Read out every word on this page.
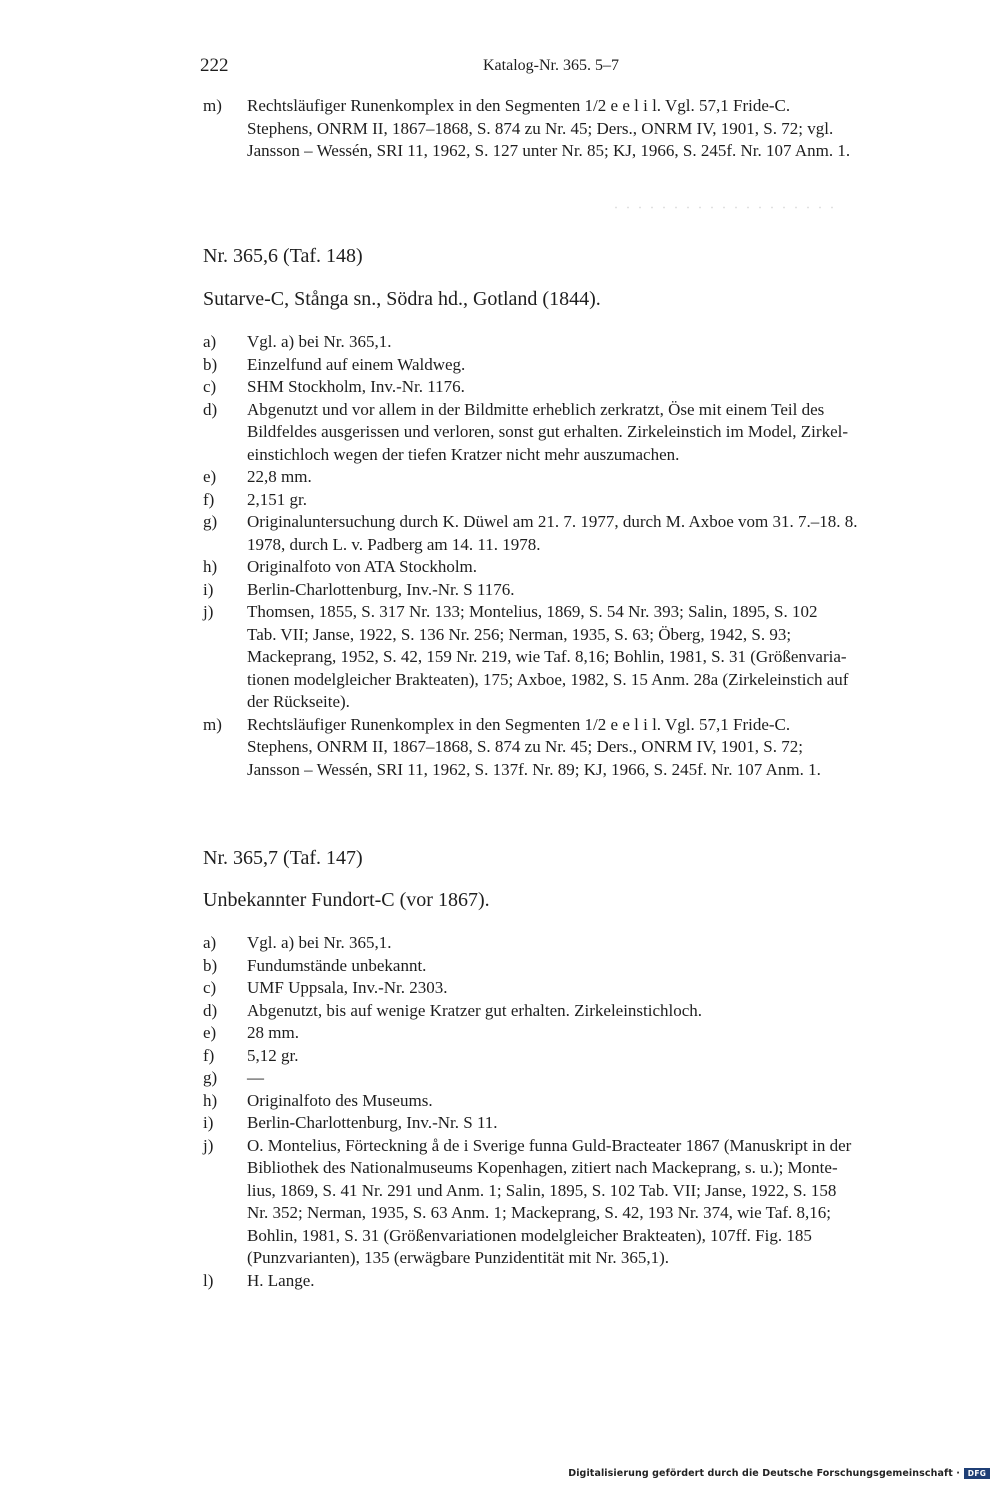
222	Katalog-Nr. 365. 5–7
m)	Rechtsläufiger Runenkomplex in den Segmenten 1/2 e e l i l. Vgl. 57,1 Fride-C.
Stephens, ONRM II, 1867–1868, S. 874 zu Nr. 45; Ders., ONRM IV, 1901, S. 72; vgl.
Jansson – Wessén, SRI 11, 1962, S. 127 unter Nr. 85; KJ, 1966, S. 245f. Nr. 107 Anm. 1.
Nr. 365,6 (Taf. 148)
Sutarve-C, Stånga sn., Södra hd., Gotland (1844).
a)	Vgl. a) bei Nr. 365,1.
b)	Einzelfund auf einem Waldweg.
c)	SHM Stockholm, Inv.-Nr. 1176.
d)	Abgenutzt und vor allem in der Bildmitte erheblich zerkratzt, Öse mit einem Teil des
Bildfeldes ausgerissen und verloren, sonst gut erhalten. Zirkeleinstich im Model, Zirkel-
einstichloch wegen der tiefen Kratzer nicht mehr auszumachen.
e)	22,8 mm.
f)	2,151 gr.
g)	Originaluntersuchung durch K. Düwel am 21. 7. 1977, durch M. Axboe vom 31. 7.–18. 8.
1978, durch L. v. Padberg am 14. 11. 1978.
h)	Originalfoto von ATA Stockholm.
i)	Berlin-Charlottenburg, Inv.-Nr. S 1176.
j)	Thomsen, 1855, S. 317 Nr. 133; Montelius, 1869, S. 54 Nr. 393; Salin, 1895, S. 102
Tab. VII; Janse, 1922, S. 136 Nr. 256; Nerman, 1935, S. 63; Öberg, 1942, S. 93;
Mackeprang, 1952, S. 42, 159 Nr. 219, wie Taf. 8,16; Bohlin, 1981, S. 31 (Größenvaria-
tionen modelgleicher Brakteaten), 175; Axboe, 1982, S. 15 Anm. 28a (Zirkeleinstich auf
der Rückseite).
m)	Rechtsläufiger Runenkomplex in den Segmenten 1/2 e e l i l. Vgl. 57,1 Fride-C.
Stephens, ONRM II, 1867–1868, S. 874 zu Nr. 45; Ders., ONRM IV, 1901, S. 72;
Jansson – Wessén, SRI 11, 1962, S. 137f. Nr. 89; KJ, 1966, S. 245f. Nr. 107 Anm. 1.
Nr. 365,7 (Taf. 147)
Unbekannter Fundort-C (vor 1867).
a)	Vgl. a) bei Nr. 365,1.
b)	Fundumstände unbekannt.
c)	UMF Uppsala, Inv.-Nr. 2303.
d)	Abgenutzt, bis auf wenige Kratzer gut erhalten. Zirkeleinstichloch.
e)	28 mm.
f)	5,12 gr.
g)	—
h)	Originalfoto des Museums.
i)	Berlin-Charlottenburg, Inv.-Nr. S 11.
j)	O. Montelius, Förteckning å de i Sverige funna Guld-Bracteater 1867 (Manuskript in der
Bibliothek des Nationalmuseums Kopenhagen, zitiert nach Mackeprang, s. u.); Monte-
lius, 1869, S. 41 Nr. 291 und Anm. 1; Salin, 1895, S. 102 Tab. VII; Janse, 1922, S. 158
Nr. 352; Nerman, 1935, S. 63 Anm. 1; Mackeprang, S. 42, 193 Nr. 374, wie Taf. 8,16;
Bohlin, 1981, S. 31 (Größenvariationen modelgleicher Brakteaten), 107ff. Fig. 185
(Punzvarianten), 135 (erwägbare Punzidentität mit Nr. 365,1).
l)	H. Lange.
Digitalisierung gefördert durch die Deutsche Forschungsgemeinschaft ·	DFG
